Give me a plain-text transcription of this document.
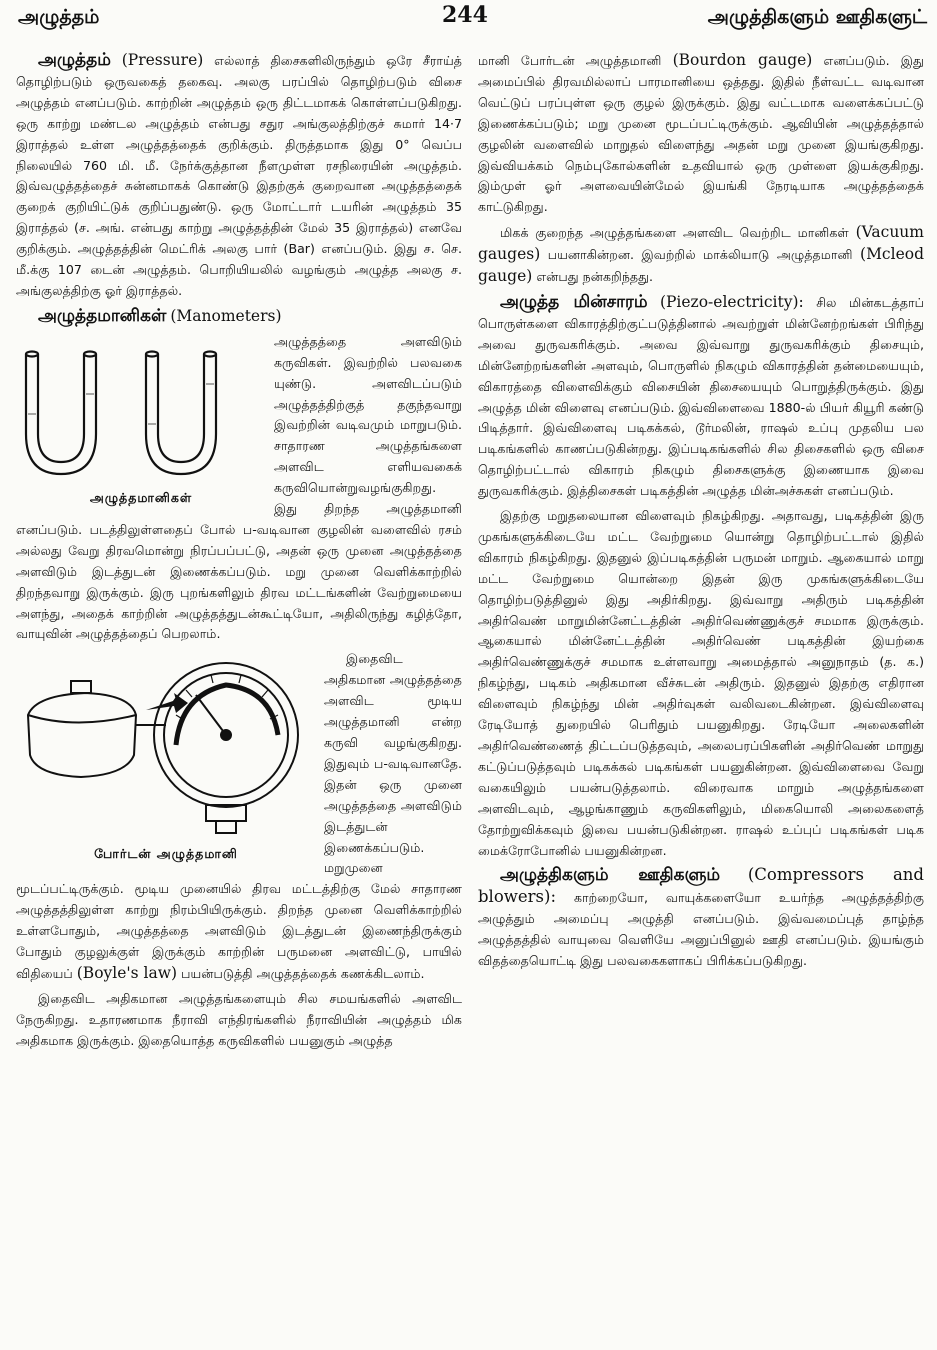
அழுத்தம்	244	அழுத்திகளும் ஊதிகளுட்

அழுத்தம் (Pressure) எல்லாத் திசைகளிலிருந்தும் ஒரே சீராய்த் தொழிற்படும் ஒருவகைத் தகைவு. அலகு பரப்பில் தொழிற்படும் விசை அழுத்தம் எனப்படும். காற்றின் அழுத்தம் ஒரு திட்டமாகக் கொள்ளப்படுகிறது. ஒரு காற்று மண்டல அழுத்தம் என்பது சதுர அங்குலத்திற்குச் சுமார் 14·7 இராத்தல் உள்ள அழுத்தத்தைக் குறிக்கும். திருத்தமாக இது 0° வெப்ப நிலையில் 760 மி. மீ. நேர்க்குத்தான நீளமுள்ள ரசநிரையின் அழுத்தம். இவ்வழுத்தத்தைச் சுன்னமாகக் கொண்டு இதற்குக் குறைவான அழுத்தத்தைக் குறைக் குறியிட்டுக் குறிப்பதுண்டு. ஒரு மோட்டார் டயரின் அழுத்தம் 35 இராத்தல் (ச. அங். என்பது காற்று அழுத்தத்தின் மேல் 35 இராத்தல்) எனவே குறிக்கும். அழுத்தத்தின் மெட்ரிக் அலகு பார் (Bar) எனப்படும். இது ச. செ. மீ.க்கு 107 டைன் அழுத்தம். பொறியியலில் வழங்கும் அழுத்த அலகு ச. அங்குலத்திற்கு ஓர் இராத்தல்.

அழுத்தமானிகள் (Manometers)

அழுத்தமானிகள்

அழுத்தத்தை அளவிடும் கருவிகள். இவற்றில் பலவகை யுண்டு. அளவிடப்படும் அழுத்தத்திற்குத் தகுந்தவாறு இவற்றின் வடிவமும் மாறுபடும். சாதாரண அழுத்தங்களை அளவிட எளியவகைக் கருவியொன்றுவழங்குகிறது. இது திறந்த அழுத்தமானி எனப்படும். படத்திலுள்ளதைப் போல் ப-வடிவான குழலின் வளைவில் ரசம் அல்லது வேறு திரவமொன்று நிரப்பப்பட்டு, அதன் ஒரு முனை அழுத்தத்தை அளவிடும் இடத்துடன் இணைக்கப்படும். மறு முனை வெளிக்காற்றில் திறந்தவாறு இருக்கும். இரு புறங்களிலும் திரவ மட்டங்களின் வேற்றுமையை அளந்து, அதைக் காற்றின் அழுத்தத்துடன்கூட்டியோ, அதிலிருந்து கழித்தோ, வாயுவின் அழுத்தத்தைப் பெறலாம்.

போர்டன் அழுத்தமானி

இதைவிட அதிகமான அழுத்தத்தை அளவிட மூடிய அழுத்தமானி என்ற கருவி வழங்குகிறது. இதுவும் ப-வடிவானதே. இதன் ஒரு முனை அழுத்தத்தை அளவிடும் இடத்துடன் இணைக்கப்படும். மறுமுனை மூடப்பட்டிருக்கும். மூடிய முனையில் திரவ மட்டத்திற்கு மேல் சாதாரண அழுத்தத்திலுள்ள காற்று நிரம்பியிருக்கும். திறந்த முனை வெளிக்காற்றில் உள்ளபோதும், அழுத்தத்தை அளவிடும் இடத்துடன் இணைந்திருக்கும் போதும் குழலுக்குள் இருக்கும் காற்றின் பருமனை அளவிட்டு, பாயில் விதியைப் (Boyle's law) பயன்படுத்தி அழுத்தத்தைக் கணக்கிடலாம்.

இதைவிட அதிகமான அழுத்தங்களையும் சில சமயங்களில் அளவிட நேருகிறது. உதாரணமாக நீராவி எந்திரங்களில் நீராவியின் அழுத்தம் மிக அதிகமாக இருக்கும். இதையொத்த கருவிகளில் பயனுகும் அழுத்த

மானி போர்டன் அழுத்தமானி (Bourdon gauge) எனப்படும். இது அமைப்பில் திரவமில்லாப் பாரமானியை ஒத்தது. இதில் நீள்வட்ட வடிவான வெட்டுப் பரப்புள்ள ஒரு குழல் இருக்கும். இது வட்டமாக வளைக்கப்பட்டு இணைக்கப்படும்; மறு முனை மூடப்பட்டிருக்கும். ஆவியின் அழுத்தத்தால் குழலின் வளைவில் மாறுதல் விளைந்து அதன் மறு முனை இயங்குகிறது. இவ்வியக்கம் நெம்புகோல்களின் உதவியால் ஒரு முள்ளை இயக்குகிறது. இம்முள் ஓர் அளவையின்மேல் இயங்கி நேரடியாக அழுத்தத்தைக் காட்டுகிறது.

மிகக் குறைந்த அழுத்தங்களை அளவிட வெற்றிட மானிகள் (Vacuum gauges) பயனாகின்றன. இவற்றில் மாக்லியாடு அழுத்தமானி (Mcleod gauge) என்பது நன்கறிந்தது.

அழுத்த மின்சாரம் (Piezo-electricity): சில மின்கடத்தாப் பொருள்களை விகாரத்திற்குட்படுத்தினால் அவற்றுள் மின்னேற்றங்கள் பிரிந்து அவை துருவகரிக்கும். அவை இவ்வாறு துருவகரிக்கும் திசையும், மின்னேற்றங்களின் அளவும், பொருளில் நிகழும் விகாரத்தின் தன்மையையும், விகாரத்தை விளைவிக்கும் விசையின் திசையையும் பொறுத்திருக்கும். இது அழுத்த மின் விளைவு எனப்படும். இவ்விளைவை 1880-ல் பியர் கியூரி கண்டு பிடித்தார். இவ்விளைவு படிகக்கல், டூர்மலின், ராஷல் உப்பு முதலிய பல படிகங்களில் காணப்படுகின்றது. இப்படிகங்களில் சில திசைகளில் ஒரு விசை தொழிற்பட்டால் விகாரம் நிகழும் திசைகளுக்கு இணையாக இவை துருவகரிக்கும். இத்திசைகள் படிகத்தின் அழுத்த மின்அச்சுகள் எனப்படும்.

இதற்கு மறுதலையான விளைவும் நிகழ்கிறது. அதாவது, படிகத்தின் இரு முகங்களுக்கிடையே மட்ட வேற்றுமை யொன்று தொழிற்பட்டால் இதில் விகாரம் நிகழ்கிறது. இதனுல் இப்படிகத்தின் பருமன் மாறும். ஆகையால் மாறு மட்ட வேற்றுமை யொன்றை இதன் இரு முகங்களுக்கிடையே தொழிற்படுத்தினுல் இது அதிர்கிறது. இவ்வாறு அதிரும் படிகத்தின் அதிர்வெண் மாறுமின்னேட்டத்தின் அதிர்வெண்ணுக்குச் சமமாக இருக்கும். ஆகையால் மின்னேட்டத்தின் அதிர்வெண் படிகத்தின் இயற்கை அதிர்வெண்ணுக்குச் சமமாக உள்ளவாறு அமைத்தால் அனுநாதம் (த. க.) நிகழ்ந்து, படிகம் அதிகமான வீச்சுடன் அதிரும். இதனுல் இதற்கு எதிரான விளைவும் நிகழ்ந்து மின் அதிர்வுகள் வலிவடைகின்றன. இவ்விளைவு ரேடியோத் துறையில் பெரிதும் பயனுகிறது. ரேடியோ அலைகளின் அதிர்வெண்ணைத் திட்டப்படுத்தவும், அலைபரப்பிகளின் அதிர்வெண் மாறுது கட்டுப்படுத்தவும் படிகக்கல் படிகங்கள் பயனுகின்றன. இவ்விளைவை வேறு வகையிலும் பயன்படுத்தலாம். விரைவாக மாறும் அழுத்தங்களை அளவிடவும், ஆழங்காணும் கருவிகளிலும், மிகையொலி அலைகளைத் தோற்றுவிக்கவும் இவை பயன்படுகின்றன. ராஷல் உப்புப் படிகங்கள் படிக மைக்ரோபோனில் பயனுகின்றன.

அழுத்திகளும் ஊதிகளும் (Compressors and blowers): காற்றையோ, வாயுக்களையோ உயர்ந்த அழுத்தத்திற்கு அழுத்தும் அமைப்பு அழுத்தி எனப்படும். இவ்வமைப்புத் தாழ்ந்த அழுத்தத்தில் வாயுவை வெளியே அனுப்பினுல் ஊதி எனப்படும். இயங்கும் விதத்தையொட்டி இது பலவகைகளாகப் பிரிக்கப்படுகிறது.
